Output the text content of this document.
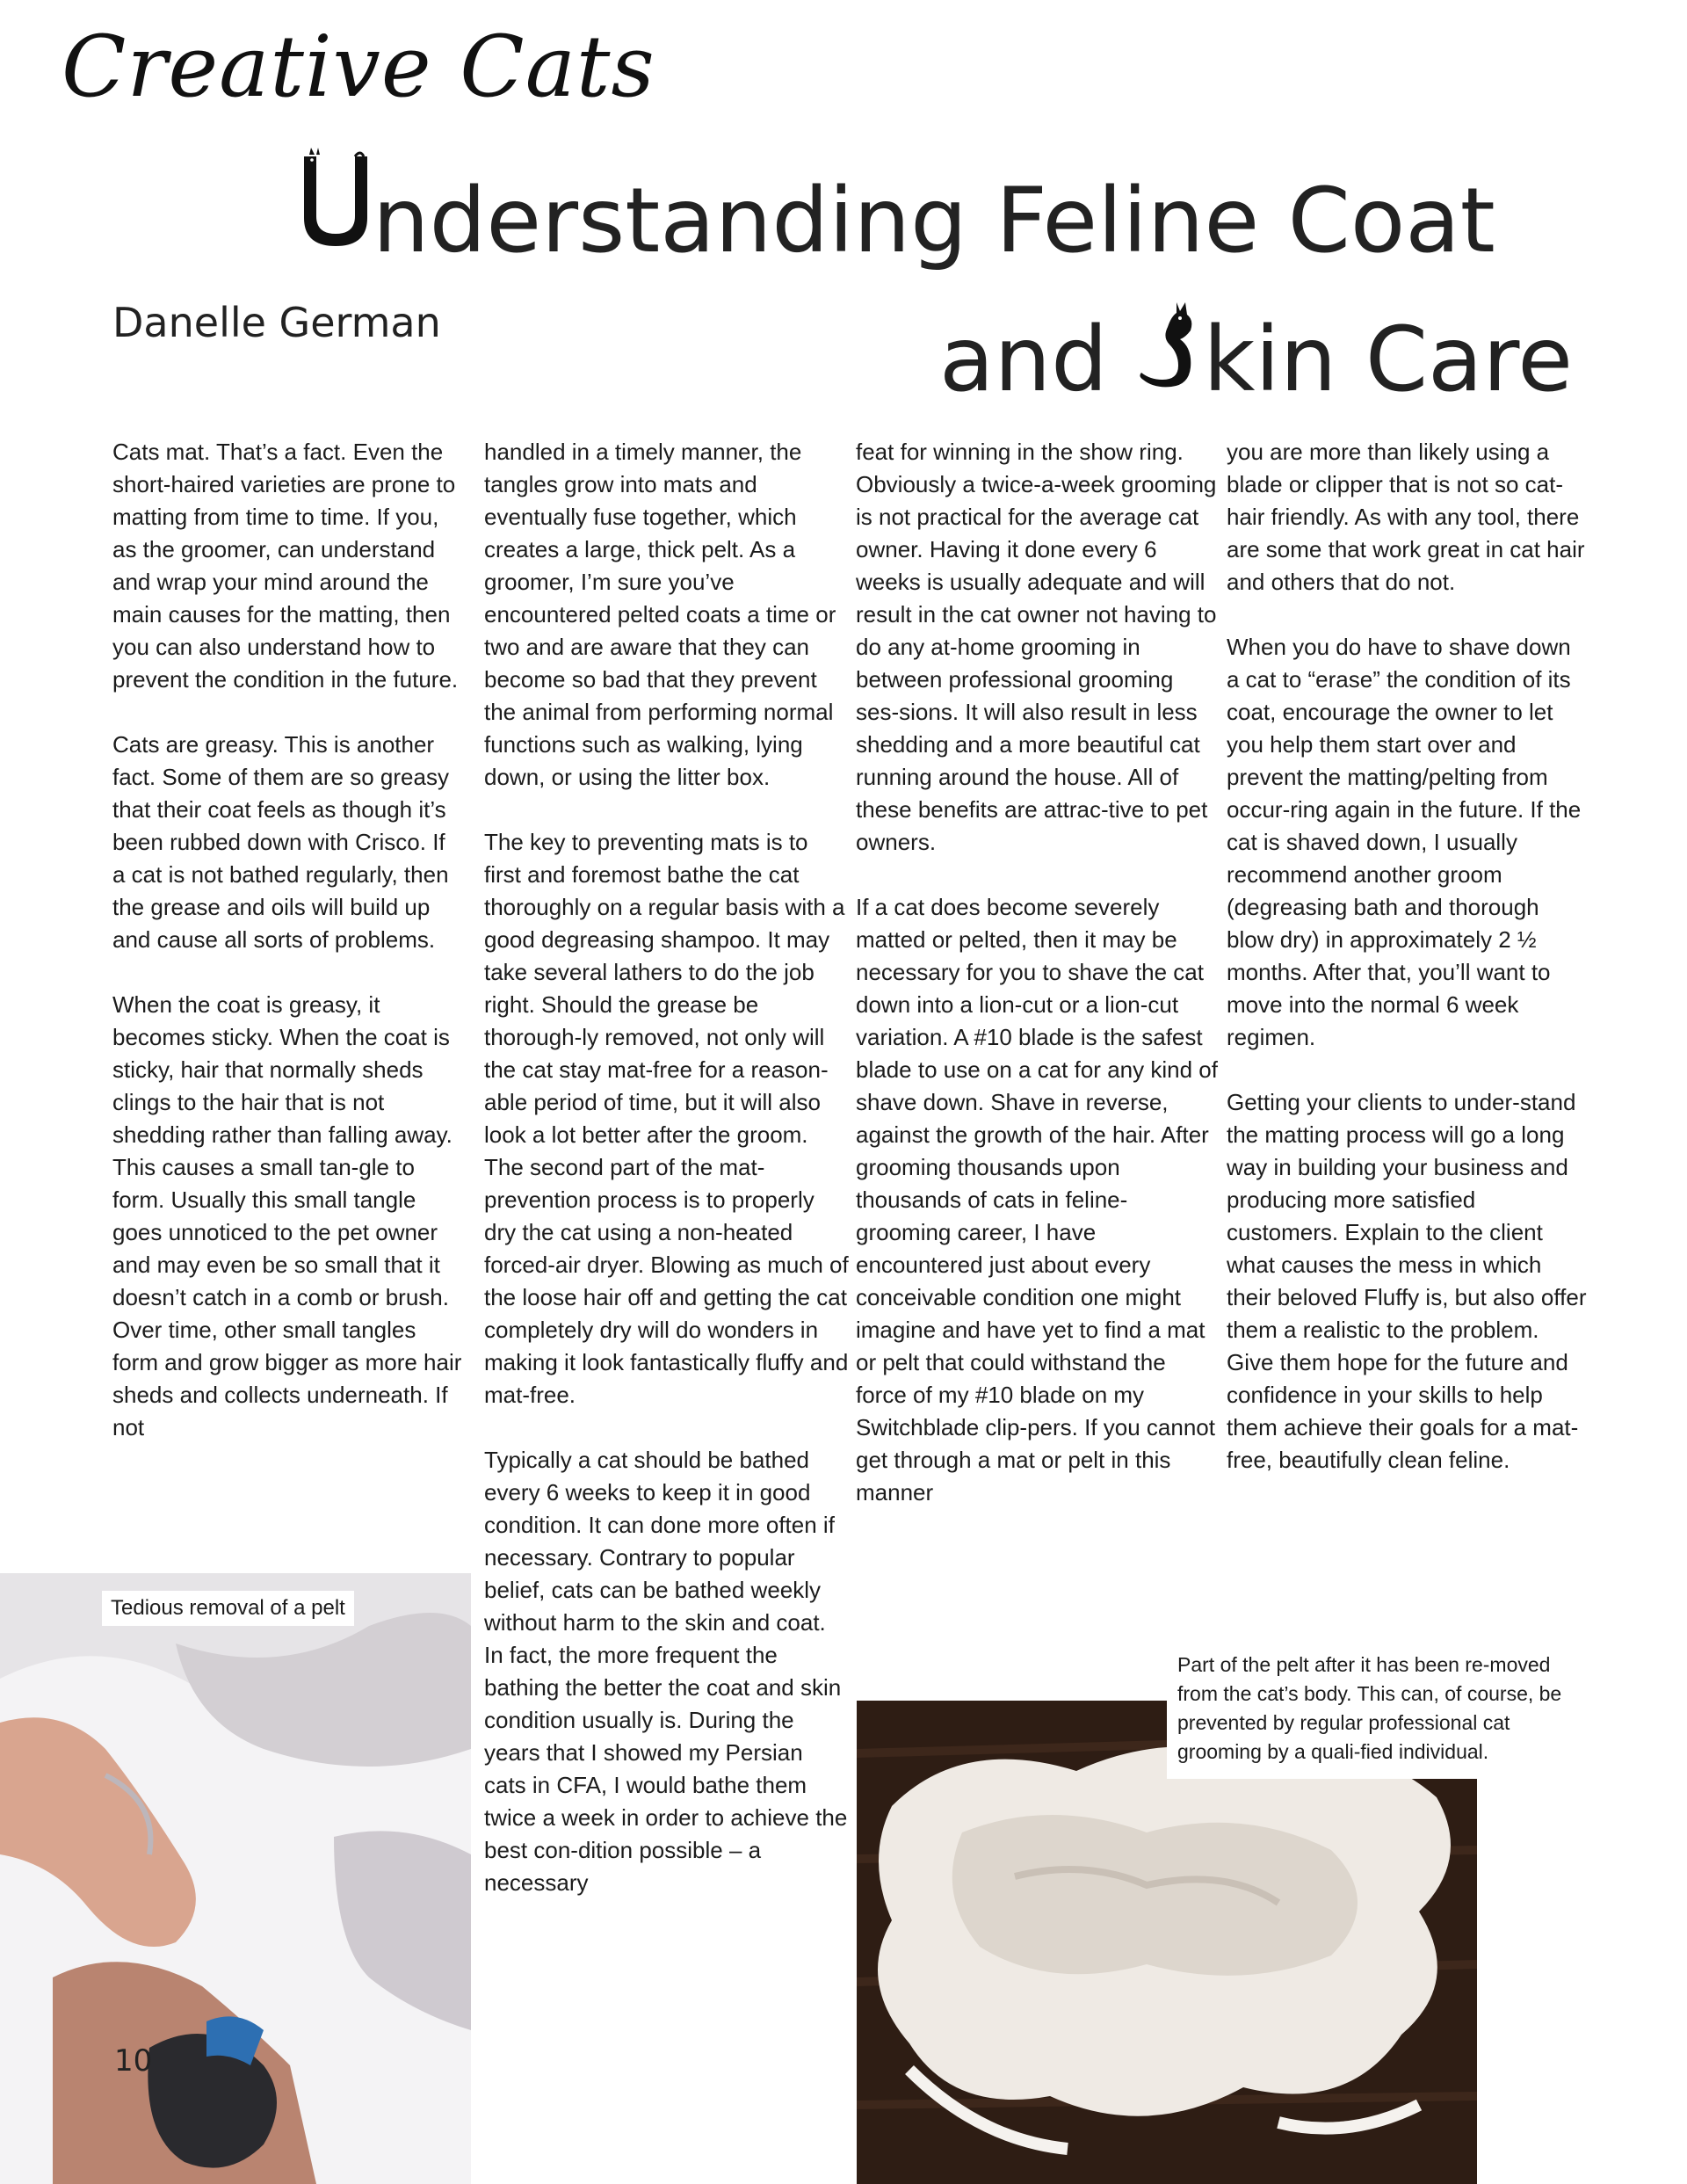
Creative Cats
nderstanding Feline Coat
and kin Care
Danelle German

Cats mat. That’s a fact. Even the short-haired varieties are prone to matting from time to time. If you, as the groomer, can understand and wrap your mind around the main causes for the matting, then you can also understand how to prevent the condition in the future.

Cats are greasy. This is another fact. Some of them are so greasy that their coat feels as though it’s been rubbed down with Crisco. If a cat is not bathed regularly, then the grease and oils will build up and cause all sorts of problems.

When the coat is greasy, it becomes sticky. When the coat is sticky, hair that normally sheds clings to the hair that is not shedding rather than falling away. This causes a small tan-gle to form. Usually this small tangle goes unnoticed to the pet owner and may even be so small that it doesn’t catch in a comb or brush. Over time, other small tangles form and grow bigger as more hair sheds and collects underneath. If not

handled in a timely manner, the tangles grow into mats and eventually fuse together, which creates a large, thick pelt. As a groomer, I’m sure you’ve encountered pelted coats a time or two and are aware that they can become so bad that they prevent the animal from performing normal functions such as walking, lying down, or using the litter box.

The key to preventing mats is to first and foremost bathe the cat thoroughly on a regular basis with a good degreasing shampoo. It may take several lathers to do the job right. Should the grease be thorough-ly removed, not only will the cat stay mat-free for a reason-able period of time, but it will also look a lot better after the groom. The second part of the mat-prevention process is to properly dry the cat using a non-heated forced-air dryer. Blowing as much of the loose hair off and getting the cat completely dry will do wonders in making it look fantastically fluffy and mat-free.

Typically a cat should be bathed every 6 weeks to keep it in good condition. It can done more often if necessary. Contrary to popular belief, cats can be bathed weekly without harm to the skin and coat. In fact, the more frequent the bathing the better the coat and skin condition usually is. During the years that I showed my Persian cats in CFA, I would bathe them twice a week in order to achieve the best con-dition possible – a necessary

feat for winning in the show ring. Obviously a twice-a-week grooming is not practical for the average cat owner. Having it done every 6 weeks is usually adequate and will result in the cat owner not having to do any at-home grooming in between professional grooming ses-sions. It will also result in less shedding and a more beautiful cat running around the house. All of these benefits are attrac-tive to pet owners.

If a cat does become severely matted or pelted, then it may be necessary for you to shave the cat down into a lion-cut or a lion-cut variation. A #10 blade is the safest blade to use on a cat for any kind of shave down. Shave in reverse, against the growth of the hair. After grooming thousands upon thousands of cats in feline-grooming career, I have encountered just about every conceivable condition one might imagine and have yet to find a mat or pelt that could withstand the force of my #10 blade on my Switchblade clip-pers. If you cannot get through a mat or pelt in this manner

you are more than likely using a blade or clipper that is not so cat-hair friendly. As with any tool, there are some that work great in cat hair and others that do not.

When you do have to shave down a cat to “erase” the condition of its coat, encourage the owner to let you help them start over and prevent the matting/pelting from occur-ring again in the future. If the cat is shaved down, I usually recommend another groom (degreasing bath and thorough blow dry) in approximately 2 ½ months. After that, you’ll want to move into the normal 6 week regimen.

Getting your clients to under-stand the matting process will go a long way in building your business and producing more satisfied customers. Explain to the client what causes the mess in which their beloved Fluffy is, but also offer them a realistic to the problem. Give them hope for the future and confidence in your skills to help them achieve their goals for a mat-free, beautifully clean feline.

Tedious removal of a pelt
Part of the pelt after it has been re-moved from the cat’s body. This can, of course, be prevented by regular professional cat grooming by a quali-fied individual.
10
